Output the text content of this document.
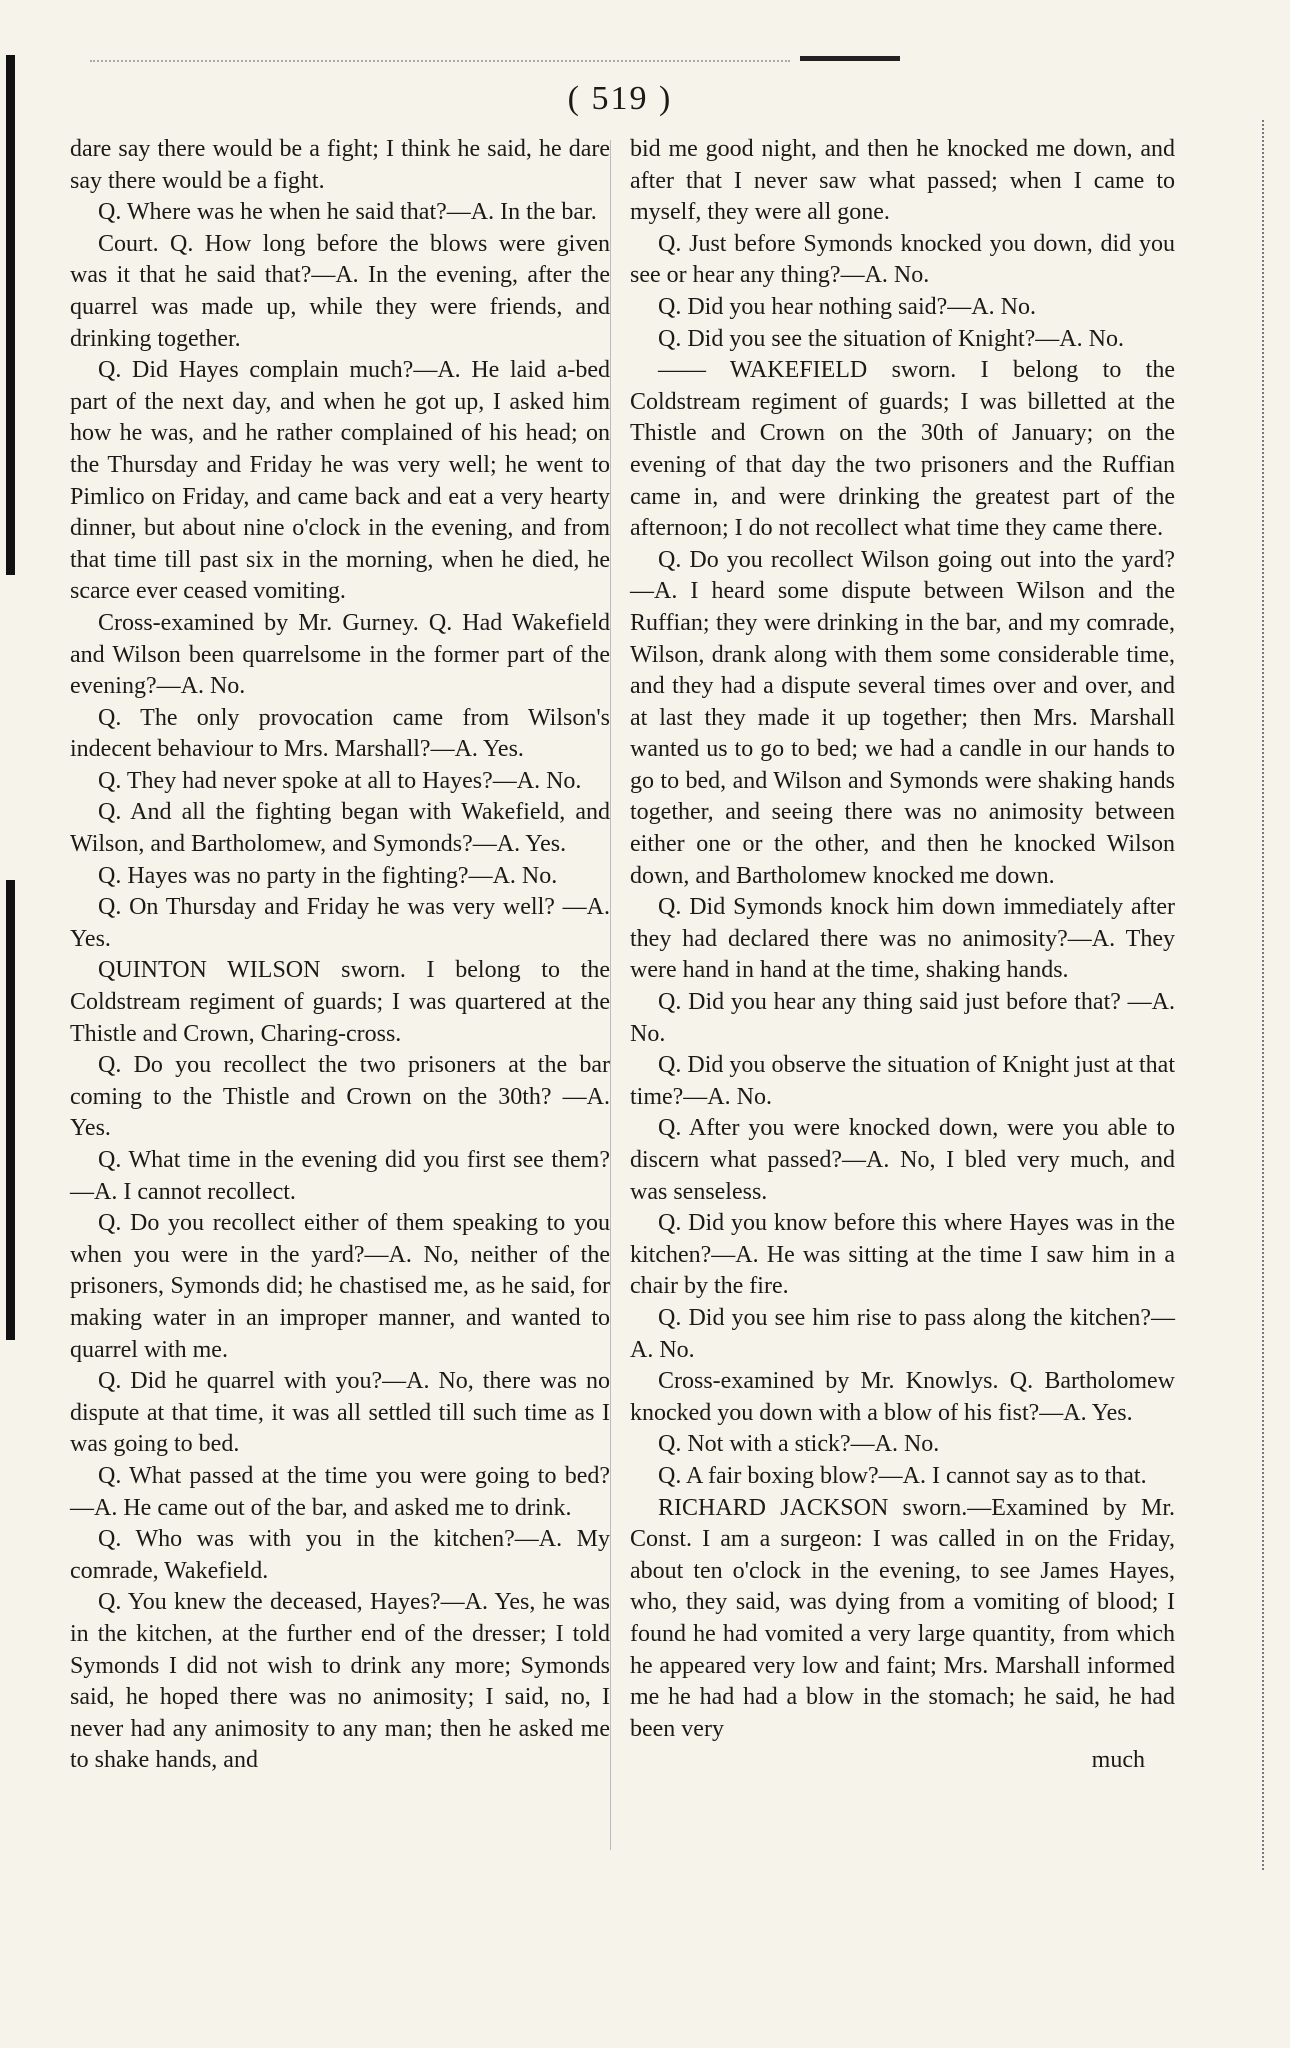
( 519 )

dare say there would be a fight; I think he said, he dare say there would be a fight.

Q. Where was he when he said that?—A. In the bar.

Court. Q. How long before the blows were given was it that he said that?—A. In the evening, after the quarrel was made up, while they were friends, and drinking together.

Q. Did Hayes complain much?—A. He laid a-bed part of the next day, and when he got up, I asked him how he was, and he rather complained of his head; on the Thursday and Friday he was very well; he went to Pimlico on Friday, and came back and eat a very hearty dinner, but about nine o'clock in the evening, and from that time till past six in the morning, when he died, he scarce ever ceased vomiting.

Cross-examined by Mr. Gurney. Q. Had Wakefield and Wilson been quarrelsome in the former part of the evening?—A. No.

Q. The only provocation came from Wilson's indecent behaviour to Mrs. Marshall?—A. Yes.

Q. They had never spoke at all to Hayes?—A. No.

Q. And all the fighting began with Wakefield, and Wilson, and Bartholomew, and Symonds?—A. Yes.

Q. Hayes was no party in the fighting?—A. No.

Q. On Thursday and Friday he was very well? —A. Yes.

QUINTON WILSON sworn. I belong to the Coldstream regiment of guards; I was quartered at the Thistle and Crown, Charing-cross.

Q. Do you recollect the two prisoners at the bar coming to the Thistle and Crown on the 30th? —A. Yes.

Q. What time in the evening did you first see them?—A. I cannot recollect.

Q. Do you recollect either of them speaking to you when you were in the yard?—A. No, neither of the prisoners, Symonds did; he chastised me, as he said, for making water in an improper manner, and wanted to quarrel with me.

Q. Did he quarrel with you?—A. No, there was no dispute at that time, it was all settled till such time as I was going to bed.

Q. What passed at the time you were going to bed?—A. He came out of the bar, and asked me to drink.

Q. Who was with you in the kitchen?—A. My comrade, Wakefield.

Q. You knew the deceased, Hayes?—A. Yes, he was in the kitchen, at the further end of the dresser; I told Symonds I did not wish to drink any more; Symonds said, he hoped there was no animosity; I said, no, I never had any animosity to any man; then he asked me to shake hands, and

bid me good night, and then he knocked me down, and after that I never saw what passed; when I came to myself, they were all gone.

Q. Just before Symonds knocked you down, did you see or hear any thing?—A. No.

Q. Did you hear nothing said?—A. No.

Q. Did you see the situation of Knight?—A. No.

—— WAKEFIELD sworn. I belong to the Coldstream regiment of guards; I was billetted at the Thistle and Crown on the 30th of January; on the evening of that day the two prisoners and the Ruffian came in, and were drinking the greatest part of the afternoon; I do not recollect what time they came there.

Q. Do you recollect Wilson going out into the yard?—A. I heard some dispute between Wilson and the Ruffian; they were drinking in the bar, and my comrade, Wilson, drank along with them some considerable time, and they had a dispute several times over and over, and at last they made it up together; then Mrs. Marshall wanted us to go to bed; we had a candle in our hands to go to bed, and Wilson and Symonds were shaking hands together, and seeing there was no animosity between either one or the other, and then he knocked Wilson down, and Bartholomew knocked me down.

Q. Did Symonds knock him down immediately after they had declared there was no animosity?—A. They were hand in hand at the time, shaking hands.

Q. Did you hear any thing said just before that? —A. No.

Q. Did you observe the situation of Knight just at that time?—A. No.

Q. After you were knocked down, were you able to discern what passed?—A. No, I bled very much, and was senseless.

Q. Did you know before this where Hayes was in the kitchen?—A. He was sitting at the time I saw him in a chair by the fire.

Q. Did you see him rise to pass along the kitchen?—A. No.

Cross-examined by Mr. Knowlys. Q. Bartholomew knocked you down with a blow of his fist?—A. Yes.

Q. Not with a stick?—A. No.

Q. A fair boxing blow?—A. I cannot say as to that.

RICHARD JACKSON sworn.—Examined by Mr. Const. I am a surgeon: I was called in on the Friday, about ten o'clock in the evening, to see James Hayes, who, they said, was dying from a vomiting of blood; I found he had vomited a very large quantity, from which he appeared very low and faint; Mrs. Marshall informed me he had had a blow in the stomach; he said, he had been very

much
